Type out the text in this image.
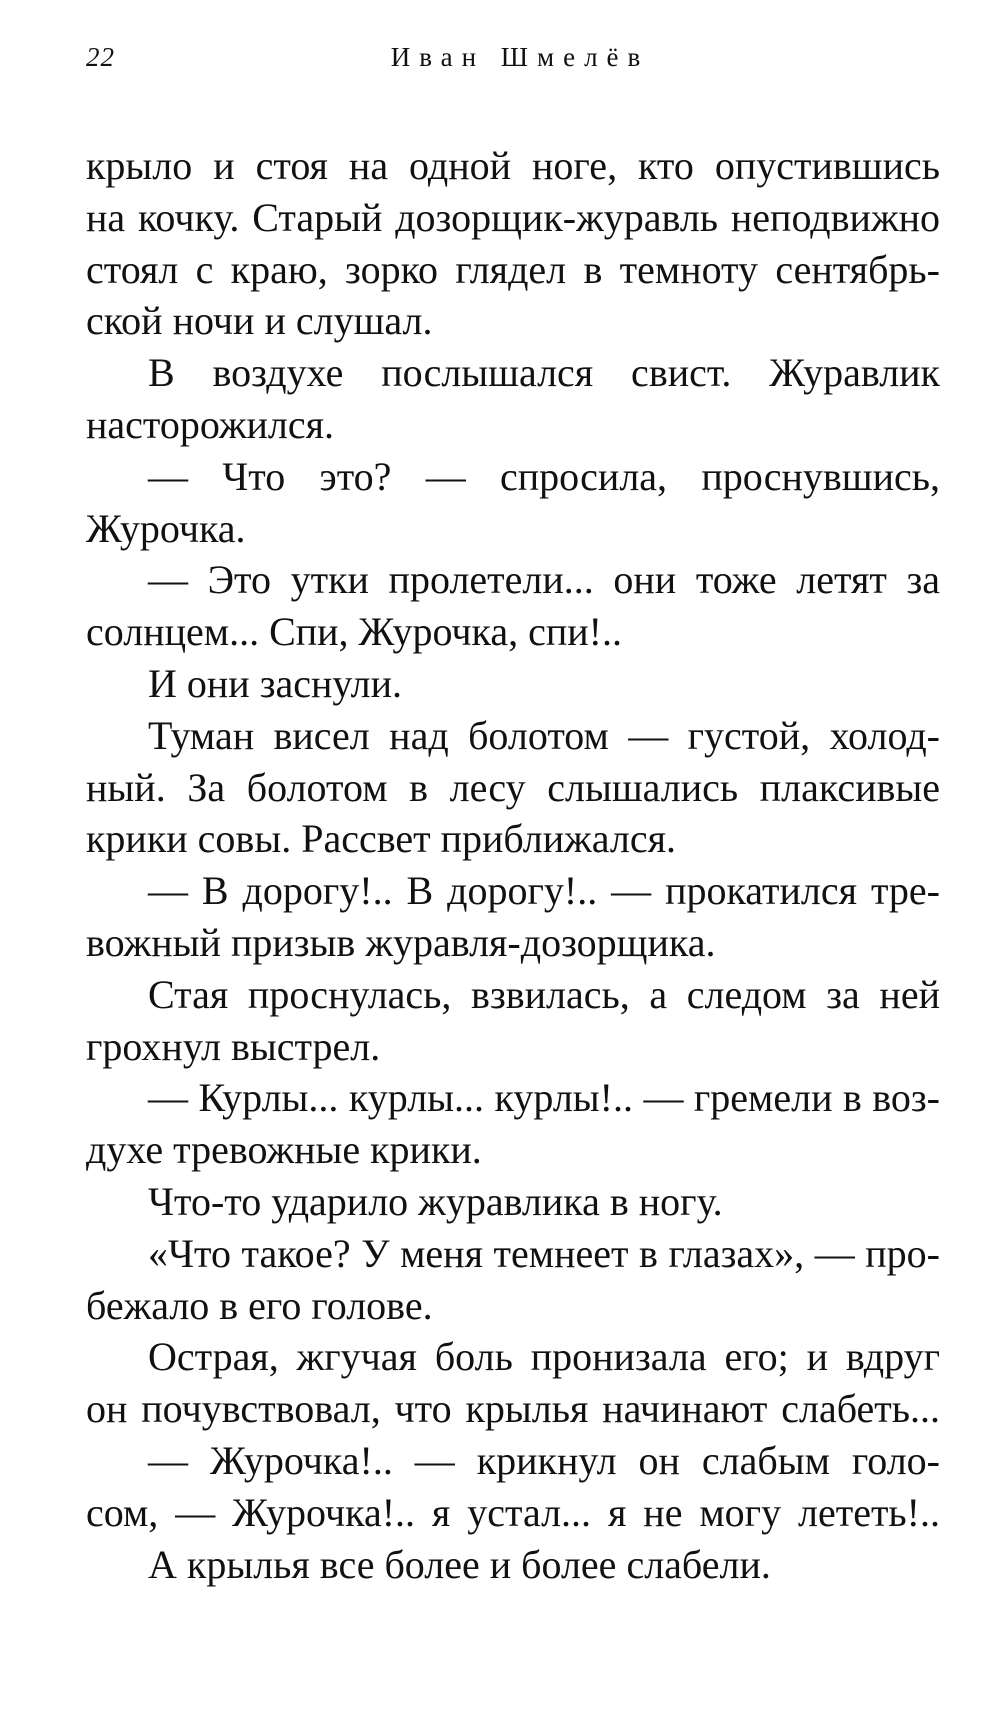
22	Иван Шмелёв
крыло и стоя на одной ноге, кто опустившись
на кочку. Старый дозорщик-журавль неподвижно
стоял с краю, зорко глядел в темноту сентябрь-
ской ночи и слушал.
В воздухе послышался свист. Журавлик
насторожился.
— Что это? — спросила, проснувшись,
Журочка.
— Это утки пролетели... они тоже летят за
солнцем... Спи, Журочка, спи!..
И они заснули.
Туман висел над болотом — густой, холод-
ный. За болотом в лесу слышались плаксивые
крики совы. Рассвет приближался.
— В дорогу!.. В дорогу!.. — прокатился тре-
вожный призыв журавля-дозорщика.
Стая проснулась, взвилась, а следом за ней
грохнул выстрел.
— Курлы... курлы... курлы!.. — гремели в воз-
духе тревожные крики.
Что-то ударило журавлика в ногу.
«Что такое? У меня темнеет в глазах», — про-
бежало в его голове.
Острая, жгучая боль пронизала его; и вдруг
он почувствовал, что крылья начинают слабеть...
— Журочка!.. — крикнул он слабым голо-
сом, — Журочка!.. я устал... я не могу лететь!..
А крылья все более и более слабели.
